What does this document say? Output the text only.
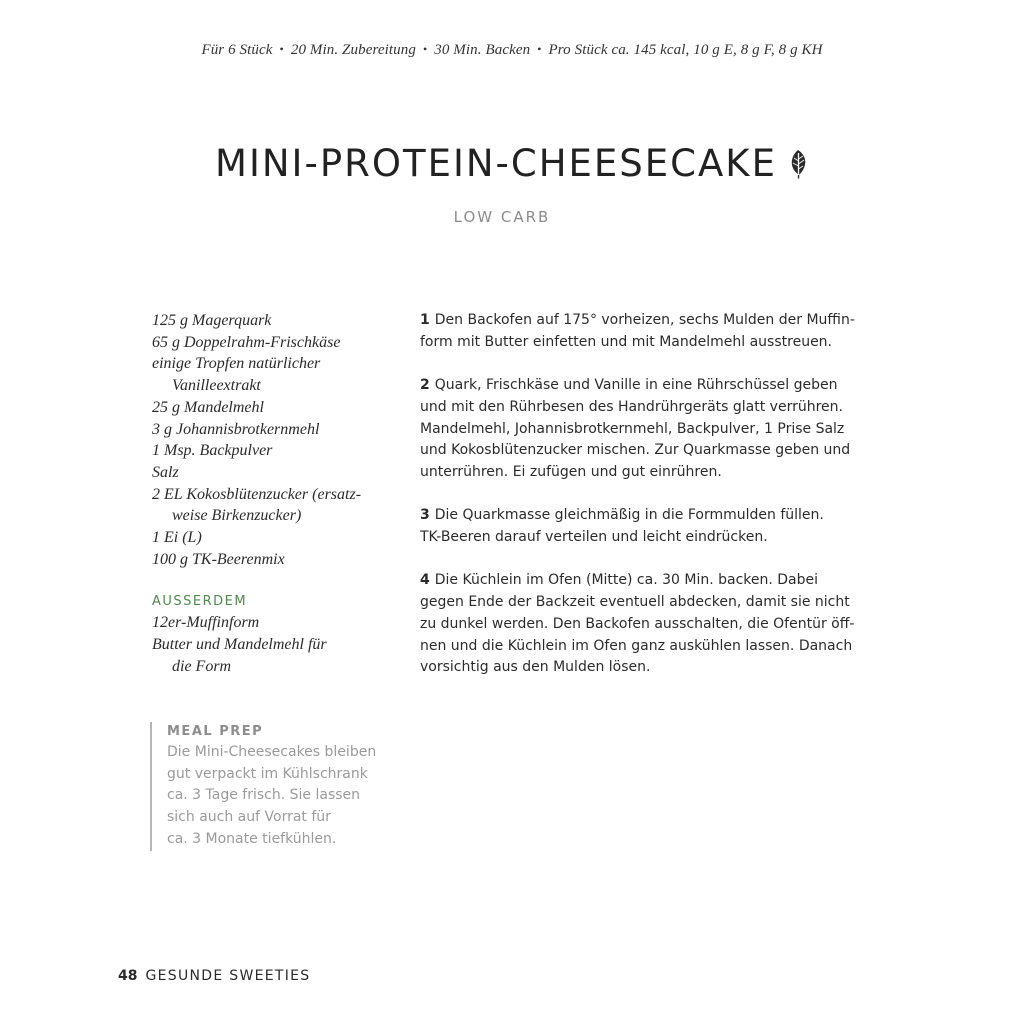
Für 6 Stück • 20 Min. Zubereitung • 30 Min. Backen • Pro Stück ca. 145 kcal, 10 g E, 8 g F, 8 g KH
MINI-PROTEIN-CHEESECAKE
LOW CARB
125 g Magerquark
65 g Doppelrahm-Frischkäse
einige Tropfen natürlicher
Vanilleextrakt
25 g Mandelmehl
3 g Johannisbrotkernmehl
1 Msp. Backpulver
Salz
2 EL Kokosblütenzucker (ersatz-
weise Birkenzucker)
1 Ei (L)
100 g TK-Beerenmix
AUSSERDEM
12er-Muffinform
Butter und Mandelmehl für
die Form
MEAL PREP
Die Mini-Cheesecakes bleiben
gut verpackt im Kühlschrank
ca. 3 Tage frisch. Sie lassen
sich auch auf Vorrat für
ca. 3 Monate tiefkühlen.
1 Den Backofen auf 175° vorheizen, sechs Mulden der Muffin-
form mit Butter einfetten und mit Mandelmehl ausstreuen.
2 Quark, Frischkäse und Vanille in eine Rührschüssel geben
und mit den Rührbesen des Handrührgeräts glatt verrühren.
Mandelmehl, Johannisbrotkernmehl, Backpulver, 1 Prise Salz
und Kokosblütenzucker mischen. Zur Quarkmasse geben und
unterrühren. Ei zufügen und gut einrühren.
3 Die Quarkmasse gleichmäßig in die Formmulden füllen.
TK-Beeren darauf verteilen und leicht eindrücken.
4 Die Küchlein im Ofen (Mitte) ca. 30 Min. backen. Dabei
gegen Ende der Backzeit eventuell abdecken, damit sie nicht
zu dunkel werden. Den Backofen ausschalten, die Ofentür öff-
nen und die Küchlein im Ofen ganz auskühlen lassen. Danach
vorsichtig aus den Mulden lösen.
48 GESUNDE SWEETIES
